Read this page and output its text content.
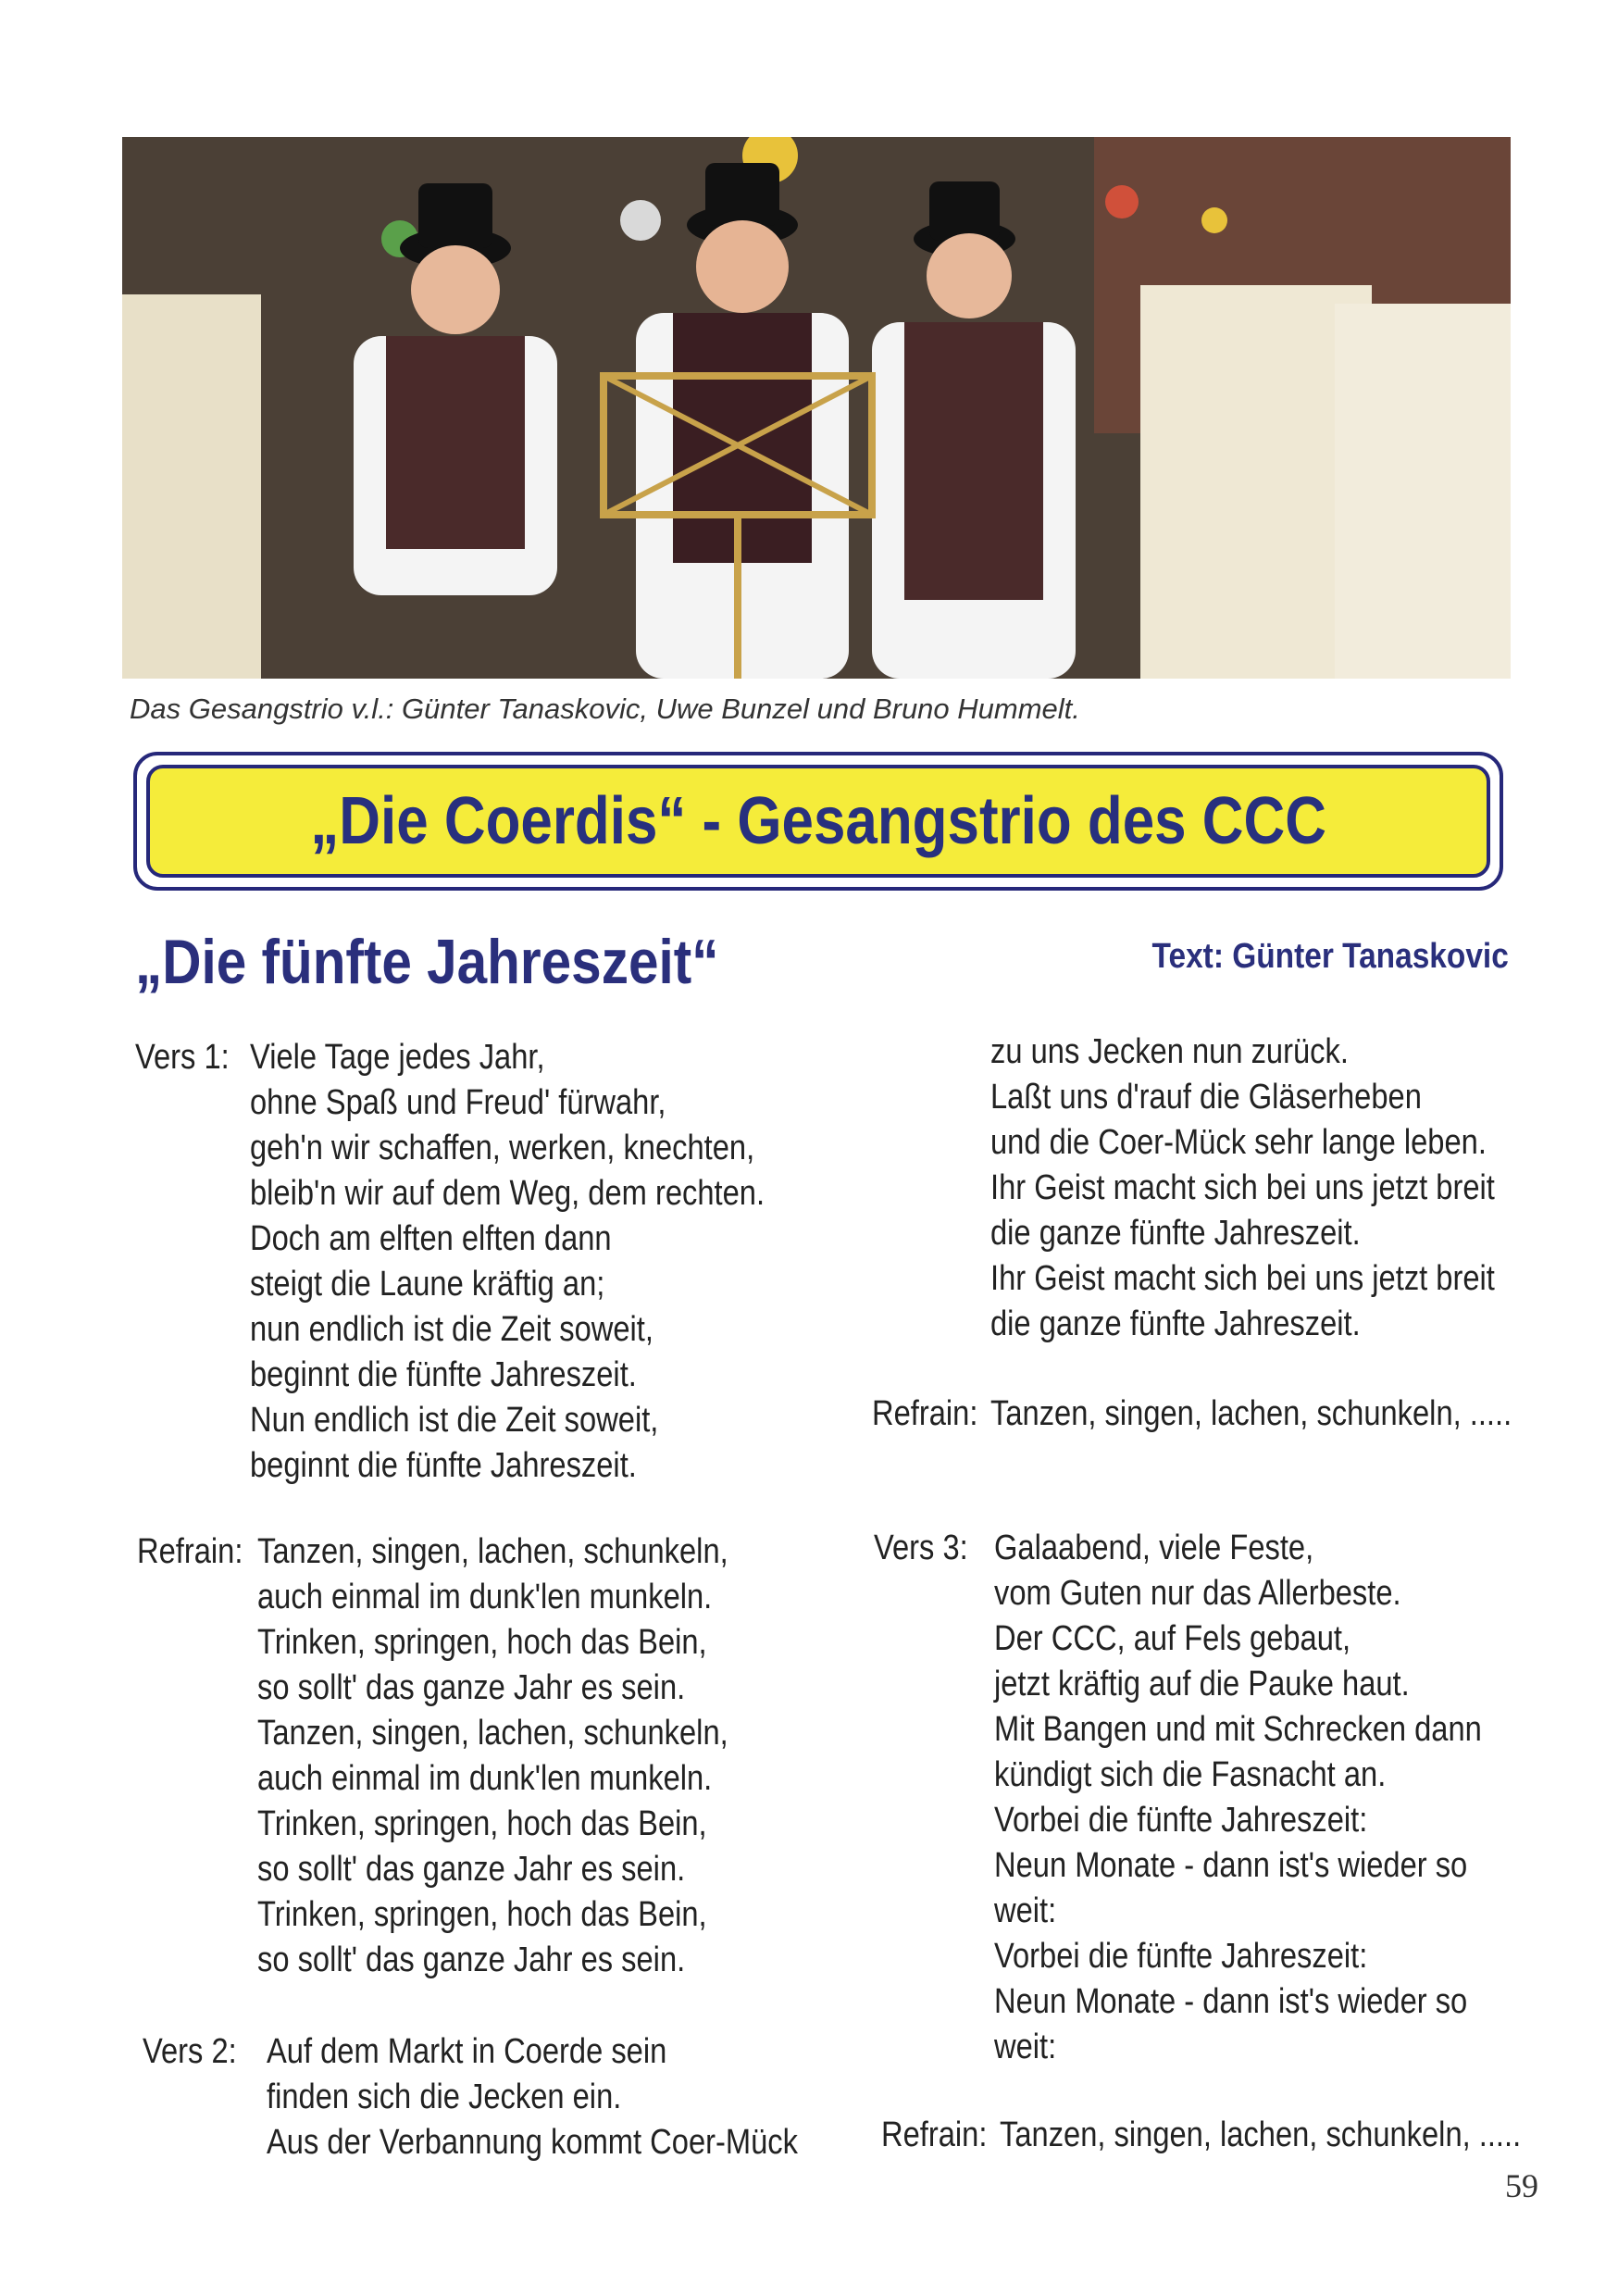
Das Gesangstrio v.l.: Günter Tanaskovic, Uwe Bunzel und Bruno Hummelt.
„Die Coerdis“ - Gesangstrio des CCC
„Die fünfte Jahreszeit“	Text: Günter Tanaskovic
Vers 1: Viele Tage jedes Jahr,
ohne Spaß und Freud' fürwahr,
geh'n wir schaffen, werken, knechten,
bleib'n wir auf dem Weg, dem rechten.
Doch am elften elften dann
steigt die Laune kräftig an;
nun endlich ist die Zeit soweit,
beginnt die fünfte Jahreszeit.
Nun endlich ist die Zeit soweit,
beginnt die fünfte Jahreszeit.
Refrain: Tanzen, singen, lachen, schunkeln,
auch einmal im dunk'len munkeln.
Trinken, springen, hoch das Bein,
so sollt' das ganze Jahr es sein.
Tanzen, singen, lachen, schunkeln,
auch einmal im dunk'len munkeln.
Trinken, springen, hoch das Bein,
so sollt' das ganze Jahr es sein.
Trinken, springen, hoch das Bein,
so sollt' das ganze Jahr es sein.
Vers 2: Auf dem Markt in Coerde sein
finden sich die Jecken ein.
Aus der Verbannung kommt Coer-Mück
zu uns Jecken nun zurück.
Laßt uns d'rauf die Gläserheben
und die Coer-Mück sehr lange leben.
Ihr Geist macht sich bei uns jetzt breit
die ganze fünfte Jahreszeit.
Ihr Geist macht sich bei uns jetzt breit
die ganze fünfte Jahreszeit.
Refrain: Tanzen, singen, lachen, schunkeln, .....
Vers 3: Galaabend, viele Feste,
vom Guten nur das Allerbeste.
Der CCC, auf Fels gebaut,
jetzt kräftig auf die Pauke haut.
Mit Bangen und mit Schrecken dann
kündigt sich die Fasnacht an.
Vorbei die fünfte Jahreszeit:
Neun Monate - dann ist's wieder so
weit:
Vorbei die fünfte Jahreszeit:
Neun Monate - dann ist's wieder so
weit:
Refrain: Tanzen, singen, lachen, schunkeln, .....
59
